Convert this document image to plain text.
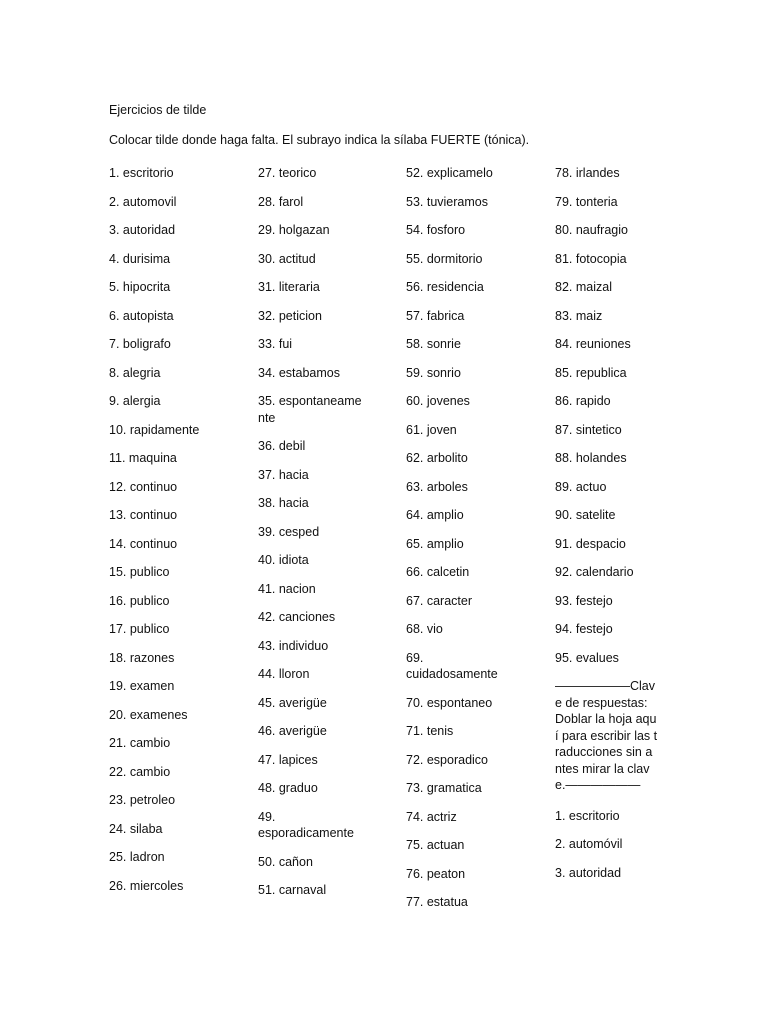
Ejercicios de tilde
Colocar tilde donde haga falta. El subrayo indica la sílaba FUERTE (tónica).
1. escritorio
2. automovil
3. autoridad
4. durisima
5. hipocrita
6. autopista
7. boligrafo
8. alegria
9. alergia
10. rapidamente
11. maquina
12. continuo
13. continuo
14. continuo
15. publico
16. publico
17. publico
18. razones
19. examen
20. examenes
21. cambio
22. cambio
23. petroleo
24. silaba
25. ladron
26. miercoles
27. teorico
28. farol
29. holgazan
30. actitud
31. literaria
32. peticion
33. fui
34. estabamos
35. espontaneamente
36. debil
37. hacia
38. hacia
39. cesped
40. idiota
41. nacion
42. canciones
43. individuo
44. lloron
45. averigüe
46. averigüe
47. lapices
48. graduo
49. esporadicamente
50. cañon
51. carnaval
52. explicamelo
53. tuvieramos
54. fosforo
55. dormitorio
56. residencia
57. fabrica
58. sonrie
59. sonrio
60. jovenes
61. joven
62. arbolito
63. arboles
64. amplio
65. amplio
66. calcetin
67. caracter
68. vio
69. cuidadosamente
70. espontaneo
71. tenis
72. esporadico
73. gramatica
74. actriz
75. actuan
76. peaton
77. estatua
78. irlandes
79. tonteria
80. naufragio
81. fotocopia
82. maizal
83. maiz
84. reuniones
85. republica
86. rapido
87. sintetico
88. holandes
89. actuo
90. satelite
91. despacio
92. calendario
93. festejo
94. festejo
95. evalues
——————Clave de respuestas: Doblar la hoja aquí para escribir las traducciones sin antes mirar la clave.——————
1. escritorio
2. automóvil
3. autoridad
